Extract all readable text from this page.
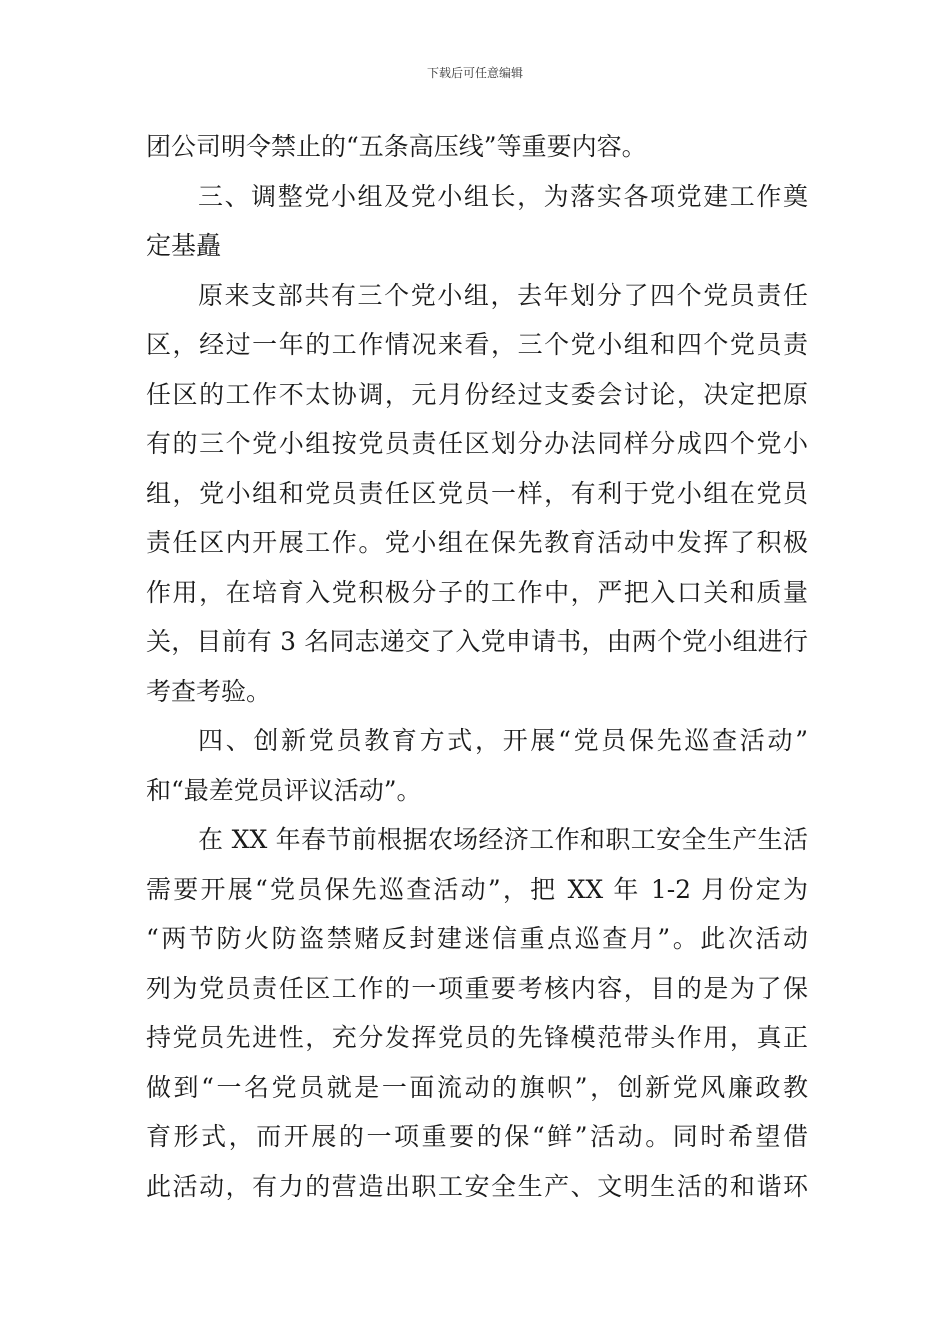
下载后可任意编辑
团公司明令禁止的“五条高压线”等重要内容。
三、调整党小组及党小组长，为落实各项党建工作奠
定基矗
原来支部共有三个党小组，去年划分了四个党员责任
区，经过一年的工作情况来看，三个党小组和四个党员责
任区的工作不太协调，元月份经过支委会讨论，决定把原
有的三个党小组按党员责任区划分办法同样分成四个党小
组，党小组和党员责任区党员一样，有利于党小组在党员
责任区内开展工作。党小组在保先教育活动中发挥了积极
作用，在培育入党积极分子的工作中，严把入口关和质量
关，目前有 3 名同志递交了入党申请书，由两个党小组进行
考查考验。
四、创新党员教育方式，开展“党员保先巡查活动”
和“最差党员评议活动”。
在 XX 年春节前根据农场经济工作和职工安全生产生活
需要开展“党员保先巡查活动”，把 XX 年 1-2 月份定为
“两节防火防盗禁赌反封建迷信重点巡查月”。此次活动
列为党员责任区工作的一项重要考核内容，目的是为了保
持党员先进性，充分发挥党员的先锋模范带头作用，真正
做到“一名党员就是一面流动的旗帜”，创新党风廉政教
育形式，而开展的一项重要的保“鲜”活动。同时希望借
此活动，有力的营造出职工安全生产、文明生活的和谐环
